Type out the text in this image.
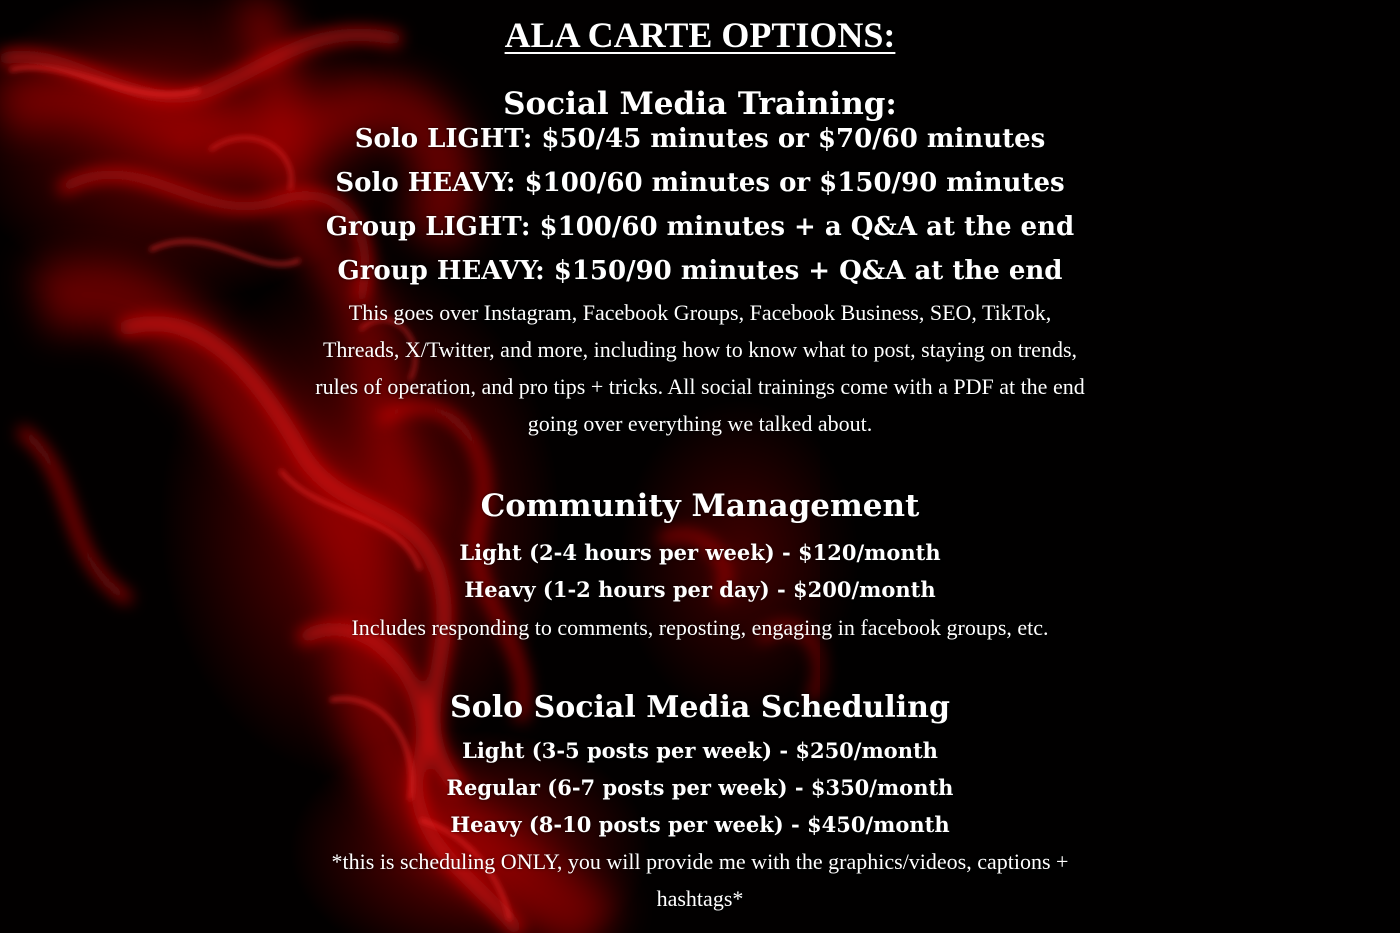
ALA CARTE OPTIONS:
Social Media Training:
Solo LIGHT: $50/45 minutes or $70/60 minutes
Solo HEAVY: $100/60 minutes or $150/90 minutes
Group LIGHT: $100/60 minutes + a Q&A at the end
Group HEAVY: $150/90 minutes + Q&A at the end
This goes over Instagram, Facebook Groups, Facebook Business, SEO, TikTok,
Threads, X/Twitter, and more, including how to know what to post, staying on trends,
rules of operation, and pro tips + tricks. All social trainings come with a PDF at the end
going over everything we talked about.
Community Management
Light (2-4 hours per week) - $120/month
Heavy (1-2 hours per day) - $200/month
Includes responding to comments, reposting, engaging in facebook groups, etc.
Solo Social Media Scheduling
Light (3-5 posts per week) - $250/month
Regular (6-7 posts per week) - $350/month
Heavy (8-10 posts per week) - $450/month
*this is scheduling ONLY, you will provide me with the graphics/videos, captions +
hashtags*
